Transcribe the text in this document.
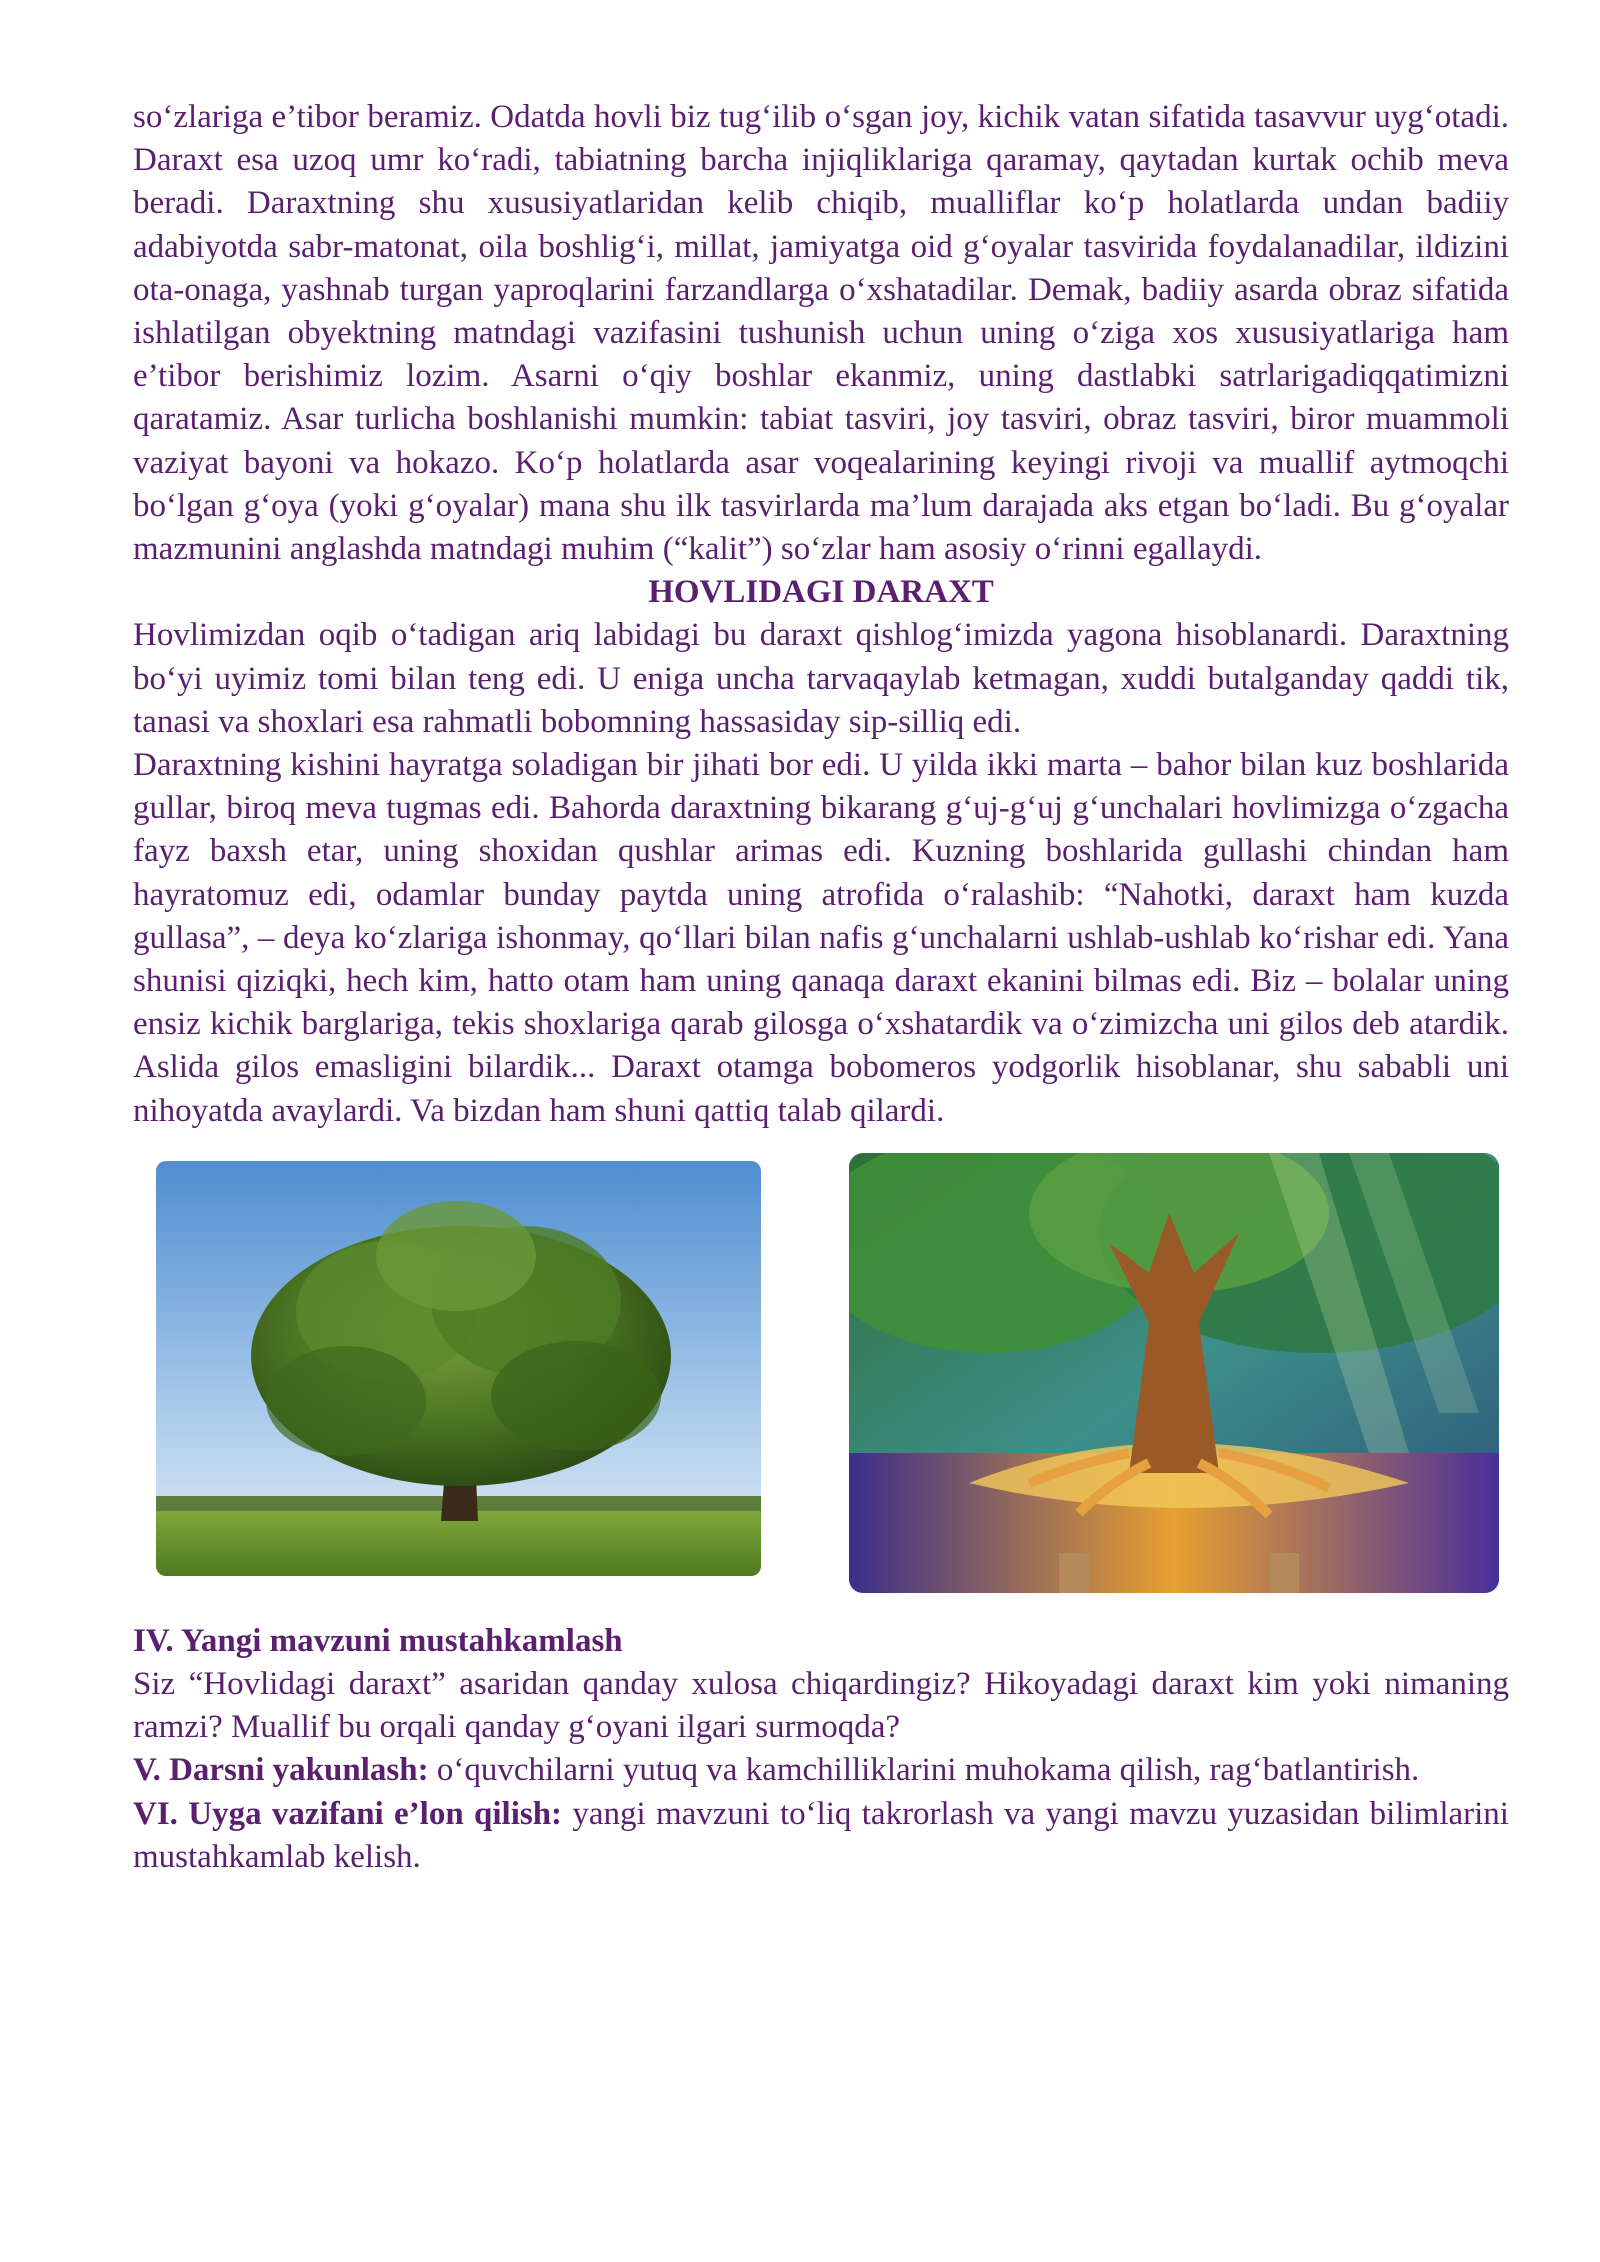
so‘zlariga e’tibor beramiz. Odatda hovli biz tug‘ilib o‘sgan joy, kichik vatan sifatida tasavvur uyg‘otadi. Daraxt esa uzoq umr ko‘radi, tabiatning barcha injiqliklariga qaramay, qaytadan kurtak ochib meva beradi. Daraxtning shu xususiyatlaridan kelib chiqib, mualliflar ko‘p holatlarda undan badiiy adabiyotda sabr-matonat, oila boshlig‘i, millat, jamiyatga oid g‘oyalar tasvirida foydalanadilar, ildizini ota-onaga, yashnab turgan yaproqlarini farzandlarga o‘xshatadilar. Demak, badiiy asarda obraz sifatida ishlatilgan obyektning matndagi vazifasini tushunish uchun uning o‘ziga xos xususiyatlariga ham e’tibor berishimiz lozim. Asarni o‘qiy boshlar ekanmiz, uning dastlabki satrlarigadiqqatimizni qaratamiz. Asar turlicha boshlanishi mumkin: tabiat tasviri, joy tasviri, obraz tasviri, biror muammoli vaziyat bayoni va hokazo. Ko‘p holatlarda asar voqealarining keyingi rivoji va muallif aytmoqchi bo‘lgan g‘oya (yoki g‘oyalar) mana shu ilk tasvirlarda ma’lum darajada aks etgan bo‘ladi. Bu g‘oyalar mazmunini anglashda matndagi muhim (“kalit”) so‘zlar ham asosiy o‘rinni egallaydi.

HOVLIDAGI DARAXT

Hovlimizdan oqib o‘tadigan ariq labidagi bu daraxt qishlog‘imizda yagona hisoblanardi. Daraxtning bo‘yi uyimiz tomi bilan teng edi. U eniga uncha tarvaqaylab ketmagan, xuddi butalganday qaddi tik, tanasi va shoxlari esa rahmatli bobomning hassasiday sip-silliq edi.

Daraxtning kishini hayratga soladigan bir jihati bor edi. U yilda ikki marta – bahor bilan kuz boshlarida gullar, biroq meva tugmas edi. Bahorda daraxtning bikarang g‘uj-g‘uj g‘unchalari hovlimizga o‘zgacha fayz baxsh etar, uning shoxidan qushlar arimas edi. Kuzning boshlarida gullashi chindan ham hayratomuz edi, odamlar bunday paytda uning atrofida o‘ralashib: “Nahotki, daraxt ham kuzda gullasa”, – deya ko‘zlariga ishonmay, qo‘llari bilan nafis g‘unchalarni ushlab-ushlab ko‘rishar edi. Yana shunisi qiziqki, hech kim, hatto otam ham uning qanaqa daraxt ekanini bilmas edi. Biz – bolalar uning ensiz kichik barglariga, tekis shoxlariga qarab gilosga o‘xshatardik va o‘zimizcha uni gilos deb atardik. Aslida gilos emasligini bilardik... Daraxt otamga bobomeros yodgorlik hisoblanar, shu sababli uni nihoyatda avaylardi. Va bizdan ham shuni qattiq talab qilardi.

IV. Yangi mavzuni mustahkamlash

Siz “Hovlidagi daraxt” asaridan qanday xulosa chiqardingiz? Hikoyadagi daraxt kim yoki nimaning ramzi? Muallif bu orqali qanday g‘oyani ilgari surmoqda?

V. Darsni yakunlash: o‘quvchilarni yutuq va kamchilliklarini muhokama qilish, rag‘batlantirish.

VI. Uyga vazifani e’lon qilish: yangi mavzuni to‘liq takrorlash va yangi mavzu yuzasidan bilimlarini mustahkamlab kelish.
